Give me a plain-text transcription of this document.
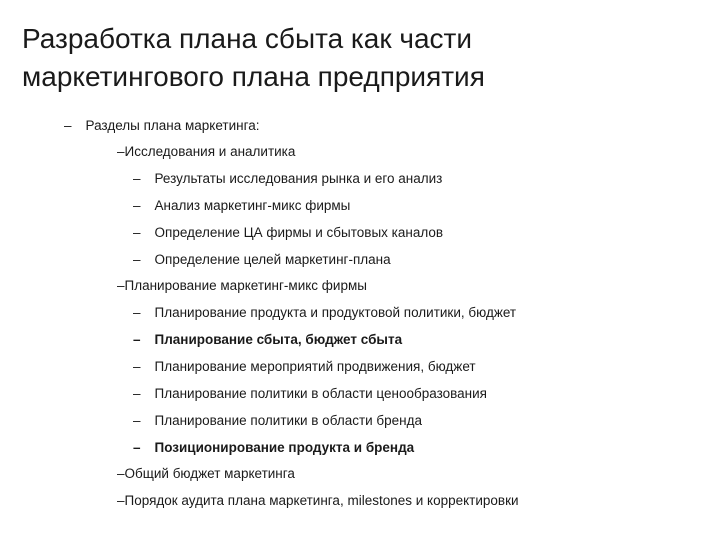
Разработка плана сбыта как части
маркетингового плана предприятия
– Разделы плана маркетинга:
–Исследования и аналитика
– Результаты исследования рынка и его анализ
– Анализ маркетинг-микс фирмы
– Определение ЦА фирмы и сбытовых каналов
– Определение целей маркетинг-плана
–Планирование маркетинг-микс фирмы
– Планирование продукта и продуктовой политики, бюджет
– Планирование сбыта, бюджет сбыта
– Планирование мероприятий продвижения, бюджет
– Планирование политики в области ценообразования
– Планирование политики в области бренда
– Позиционирование продукта и бренда
–Общий бюджет маркетинга
–Порядок аудита плана маркетинга, milestones и корректировки
